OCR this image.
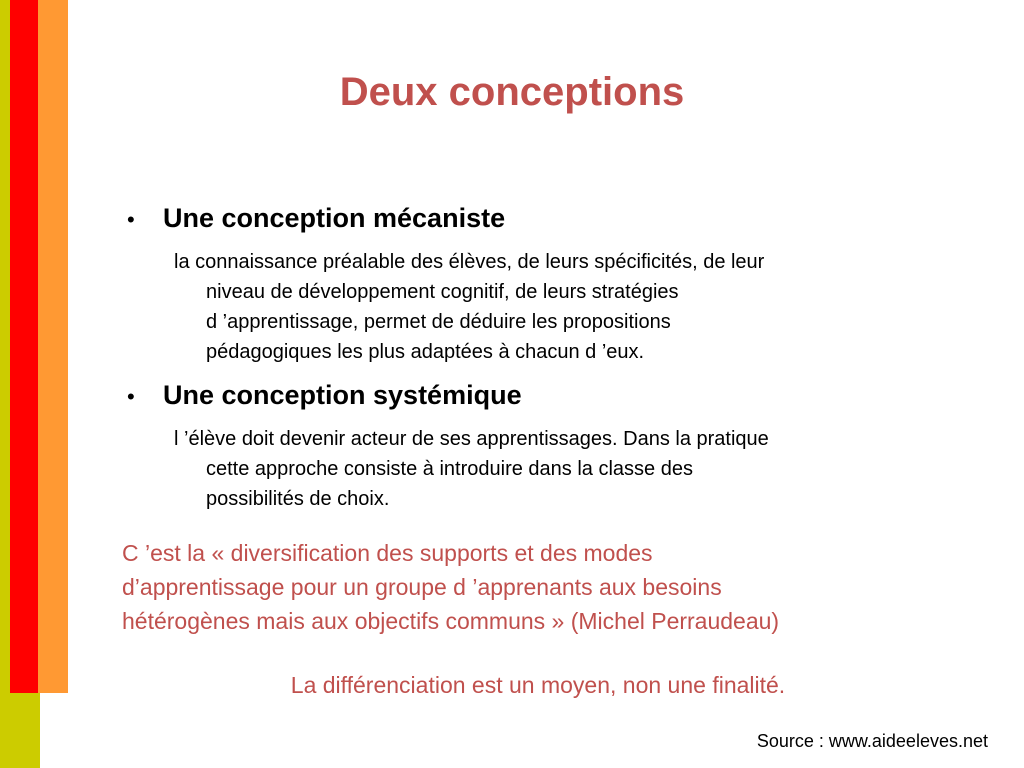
Deux conceptions
•	Une conception mécaniste
la connaissance préalable des élèves, de leurs spécificités, de leur
niveau de développement cognitif, de leurs stratégies
d ’apprentissage, permet de déduire les propositions
pédagogiques les plus adaptées à chacun d ’eux.
•	Une conception systémique
l ’élève doit devenir acteur de ses apprentissages. Dans la pratique
cette approche consiste à introduire dans la classe des
possibilités de choix.
C ’est la « diversification des supports et des modes
d’apprentissage pour un groupe d ’apprenants aux besoins
hétérogènes mais aux objectifs communs » (Michel Perraudeau)
La différenciation est un moyen, non une finalité.
Source : www.aideeleves.net
